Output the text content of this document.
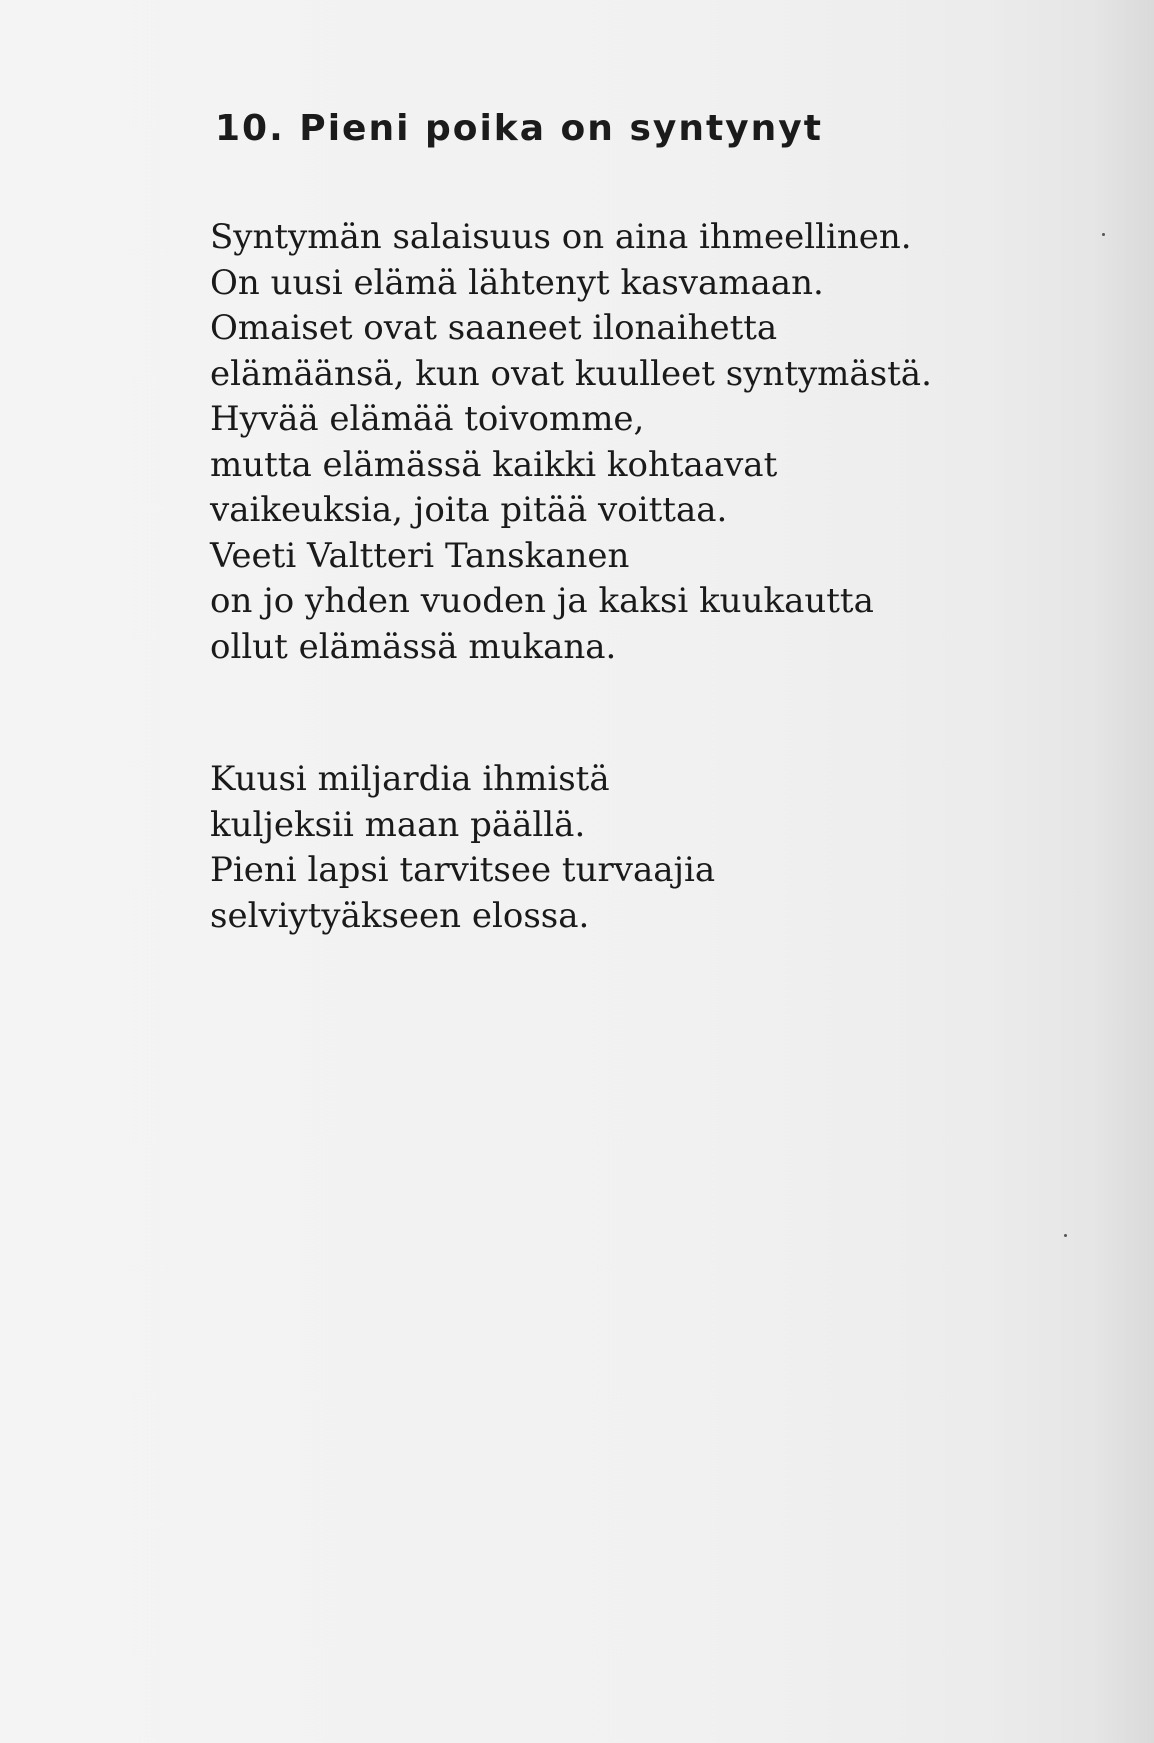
10. Pieni poika on syntynyt

Syntymän salaisuus on aina ihmeellinen.
On uusi elämä lähtenyt kasvamaan.
Omaiset ovat saaneet ilonaihetta
elämäänsä, kun ovat kuulleet syntymästä.
Hyvää elämää toivomme,
mutta elämässä kaikki kohtaavat
vaikeuksia, joita pitää voittaa.
Veeti Valtteri Tanskanen
on jo yhden vuoden ja kaksi kuukautta
ollut elämässä mukana.

Kuusi miljardia ihmistä
kuljeksii maan päällä.
Pieni lapsi tarvitsee turvaajia
selviytyäkseen elossa.
